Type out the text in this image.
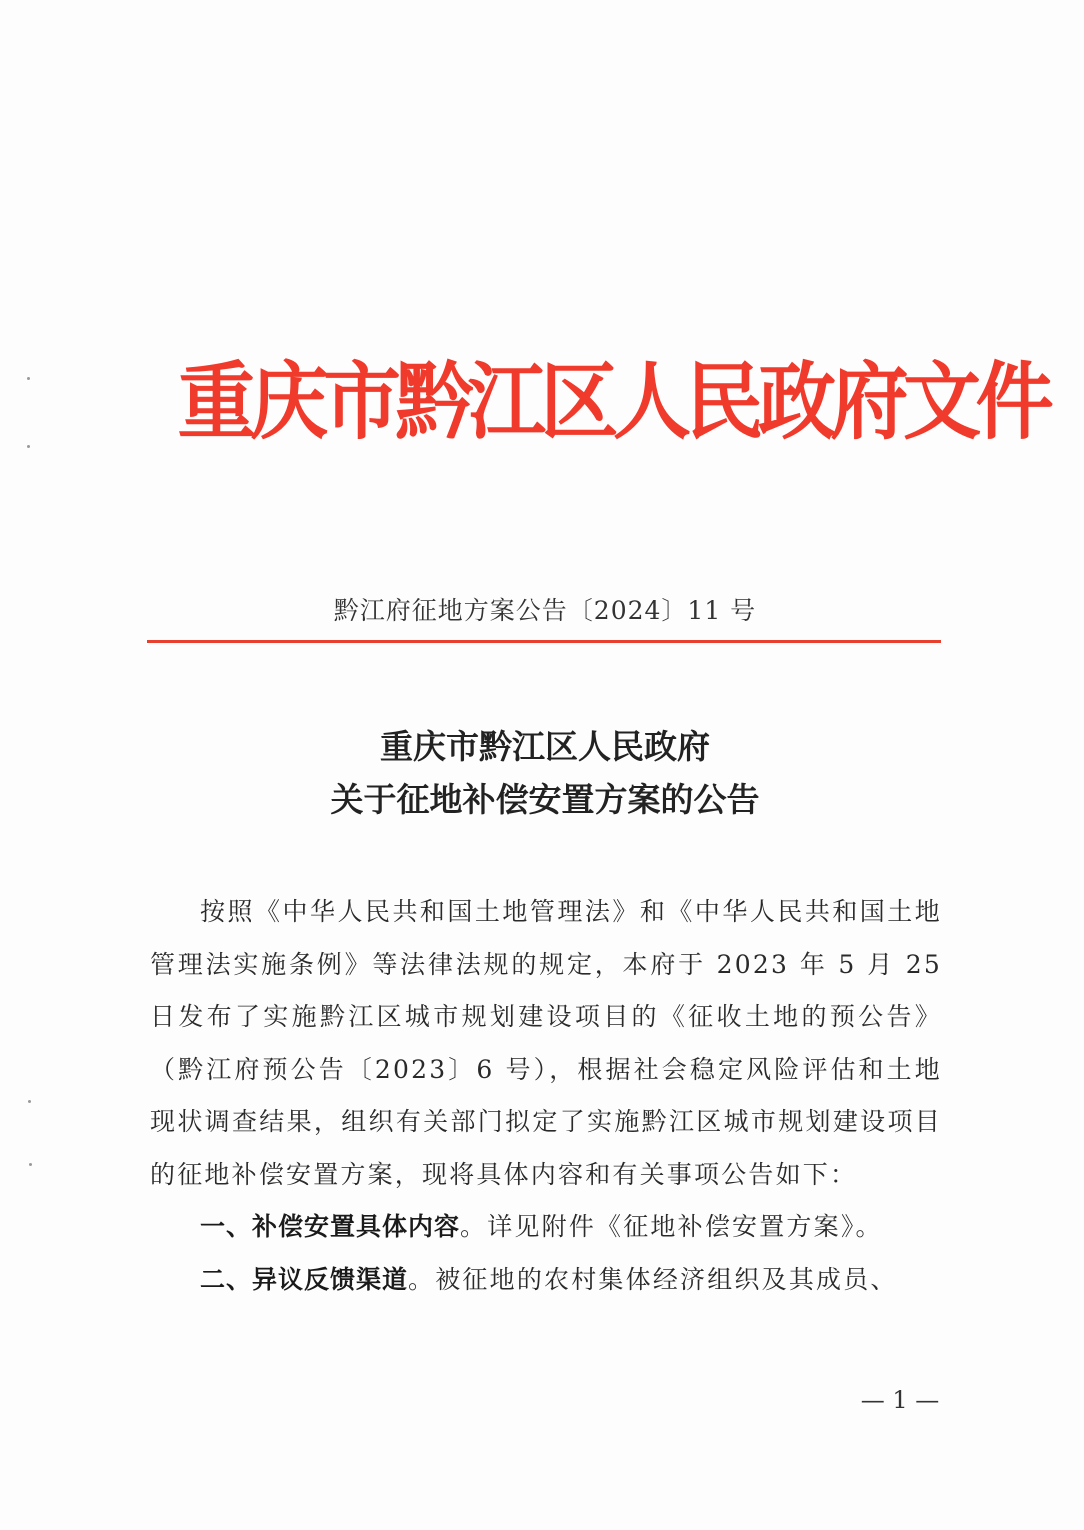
重庆市黔江区人民政府文件
黔江府征地方案公告〔2024〕11 号
重庆市黔江区人民政府
关于征地补偿安置方案的公告

按照《中华人民共和国土地管理法》和《中华人民共和国土地管理法实施条例》等法律法规的规定，本府于 2023 年 5 月 25 日发布了实施黔江区城市规划建设项目的《征收土地的预公告》（黔江府预公告〔2023〕6 号），根据社会稳定风险评估和土地现状调查结果，组织有关部门拟定了实施黔江区城市规划建设项目的征地补偿安置方案，现将具体内容和有关事项公告如下：

一、补偿安置具体内容。详见附件《征地补偿安置方案》。

二、异议反馈渠道。被征地的农村集体经济组织及其成员、

— 1 —
